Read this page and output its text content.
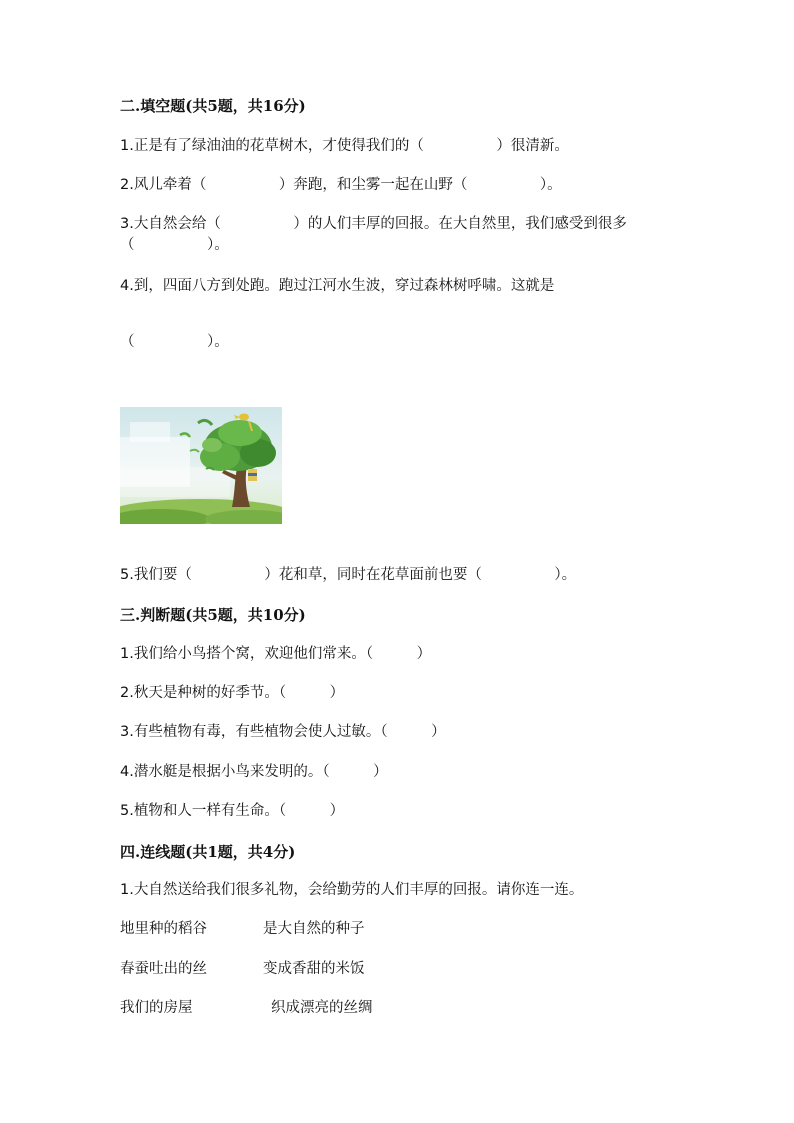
二.填空题(共5题，共16分)

1.正是有了绿油油的花草树木，才使得我们的（　　　　　）很清新。

2.风儿牵着（　　　　　）奔跑，和尘雾一起在山野（　　　　　）。

3.大自然会给（　　　　　）的人们丰厚的回报。在大自然里，我们感受到很多

（　　　　　）。

4.到，四面八方到处跑。跑过江河水生波，穿过森林树呼啸。这就是

（　　　　　）。

5.我们要（　　　　　）花和草，同时在花草面前也要（　　　　　）。

三.判断题(共5题，共10分)

1.我们给小鸟搭个窝，欢迎他们常来。（　　　）

2.秋天是种树的好季节。（　　　）

3.有些植物有毒，有些植物会使人过敏。（　　　）

4.潜水艇是根据小鸟来发明的。（　　　）

5.植物和人一样有生命。（　　　）

四.连线题(共1题，共4分)

1.大自然送给我们很多礼物，会给勤劳的人们丰厚的回报。请你连一连。

地里种的稻谷	是大自然的种子
春蚕吐出的丝	变成香甜的米饭
我们的房屋	织成漂亮的丝绸
